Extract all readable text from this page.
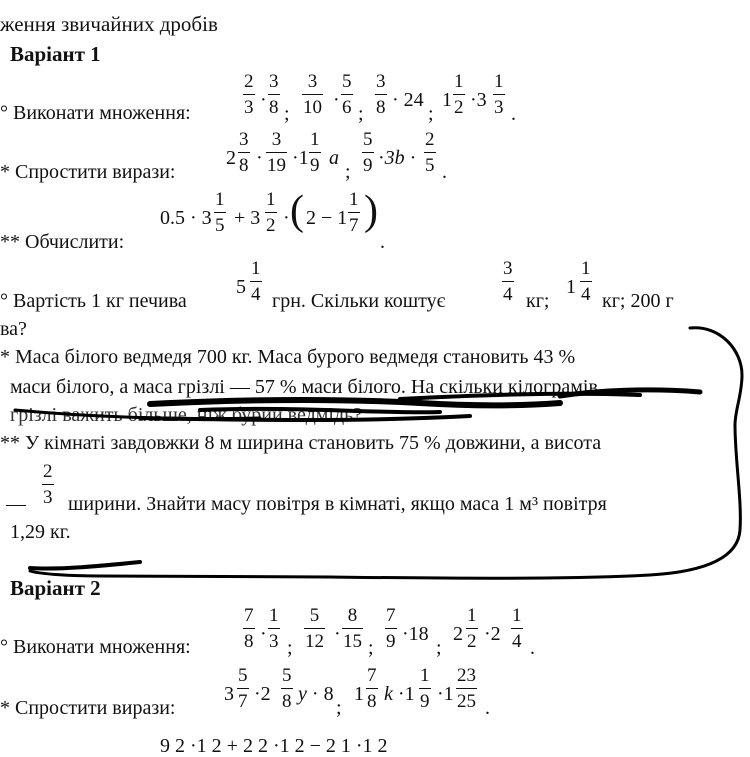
ження звичайних дробів
Варіант 1
° Виконати множення:
2
3 ·
3
8 ;
3
10 ·
5
6 ;
3
8 · 24
;
1
1
2 ·3
1
3 .
* Спростити вирази:
2
3
8 ·
3
19 ·1
1
9 a
;
5
9 ·3b ·
2
5 .
** Обчислити:
0.5 · 3
1
5 + 3
1
2 · ( 2 − 1
1
7 )
.
° Вартість 1 кг печива
5
1
4 грн. Скільки коштує
3
4 кг;
1
1
4 кг; 200 г
ва?
* Маса білого ведмедя 700 кг. Маса бурого ведмедя становить 43 %
маси білого, а маса грізлі — 57 % маси білого. На скільки кілограмів
грізлі важить більше, ніж бурий ведмідь?
** У кімнаті завдовжки 8 м ширина становить 75 % довжини, а висота
—
2
3 ширини. Знайти масу повітря в кімнаті, якщо маса 1 м³ повітря
1,29 кг.
Варіант 2
° Виконати множення:
7
8 ·
1
3 ;
5
12 ·
8
15 ;
7
9 ·18
;
2
1
2 ·2
1
4 .
* Спростити вирази:
3
5
7 ·2
5
8 y · 8
;
1
7
8 k ·1
1
9 ·1
23
25 .
9 2 ·1 2 + 2 2 ·1 2 − 2 1 ·1 2
